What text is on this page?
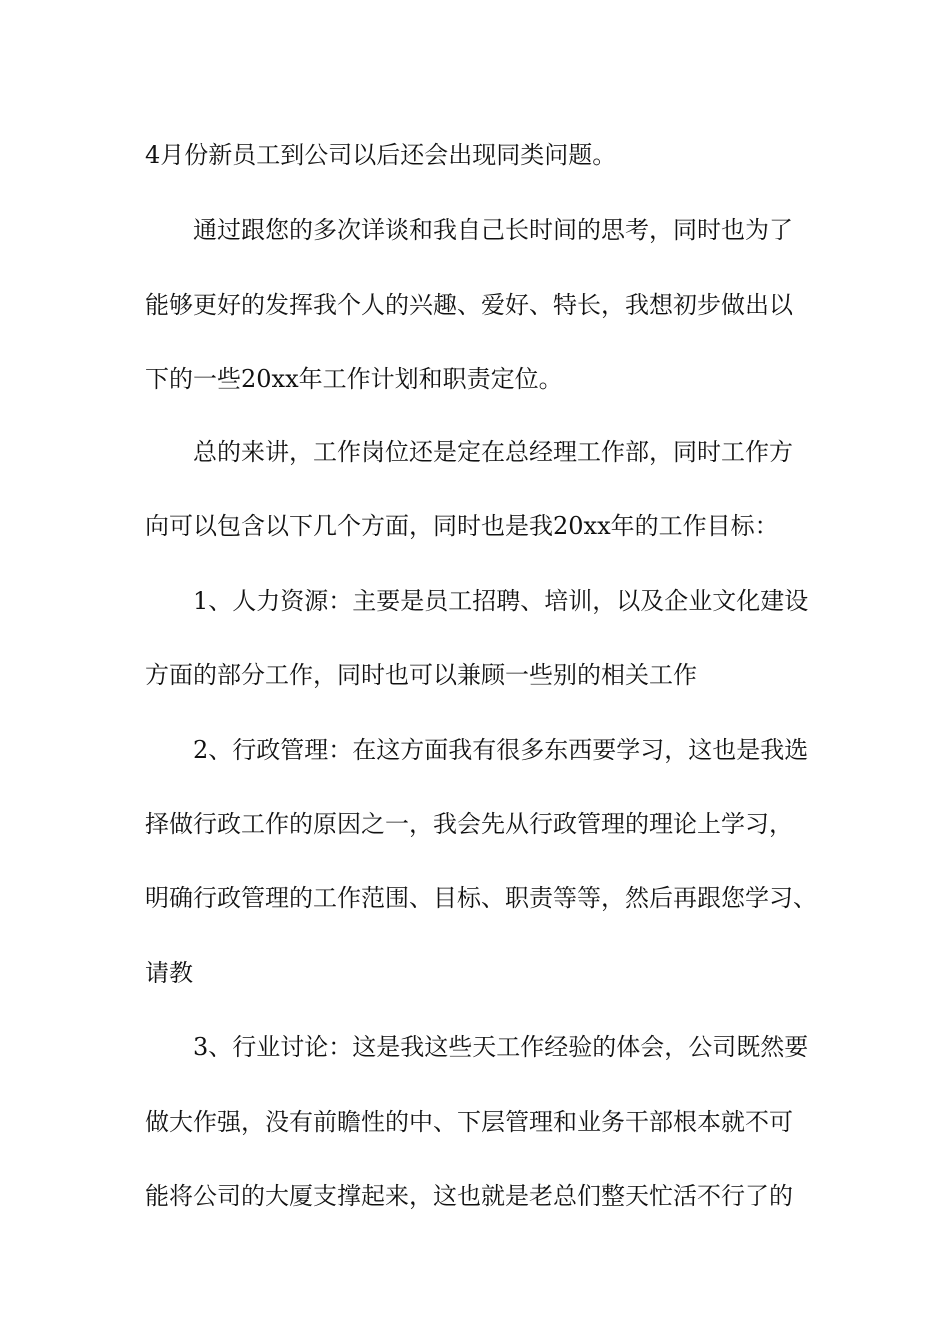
4月份新员工到公司以后还会出现同类问题。

通过跟您的多次详谈和我自己长时间的思考，同时也为了

能够更好的发挥我个人的兴趣、爱好、特长，我想初步做出以

下的一些20xx年工作计划和职责定位。

总的来讲，工作岗位还是定在总经理工作部，同时工作方

向可以包含以下几个方面，同时也是我20xx年的工作目标：

1、人力资源：主要是员工招聘、培训，以及企业文化建设

方面的部分工作，同时也可以兼顾一些别的相关工作

2、行政管理：在这方面我有很多东西要学习，这也是我选

择做行政工作的原因之一，我会先从行政管理的理论上学习，

明确行政管理的工作范围、目标、职责等等，然后再跟您学习、

请教

3、行业讨论：这是我这些天工作经验的体会，公司既然要

做大作强，没有前瞻性的中、下层管理和业务干部根本就不可

能将公司的大厦支撑起来，这也就是老总们整天忙活不行了的
